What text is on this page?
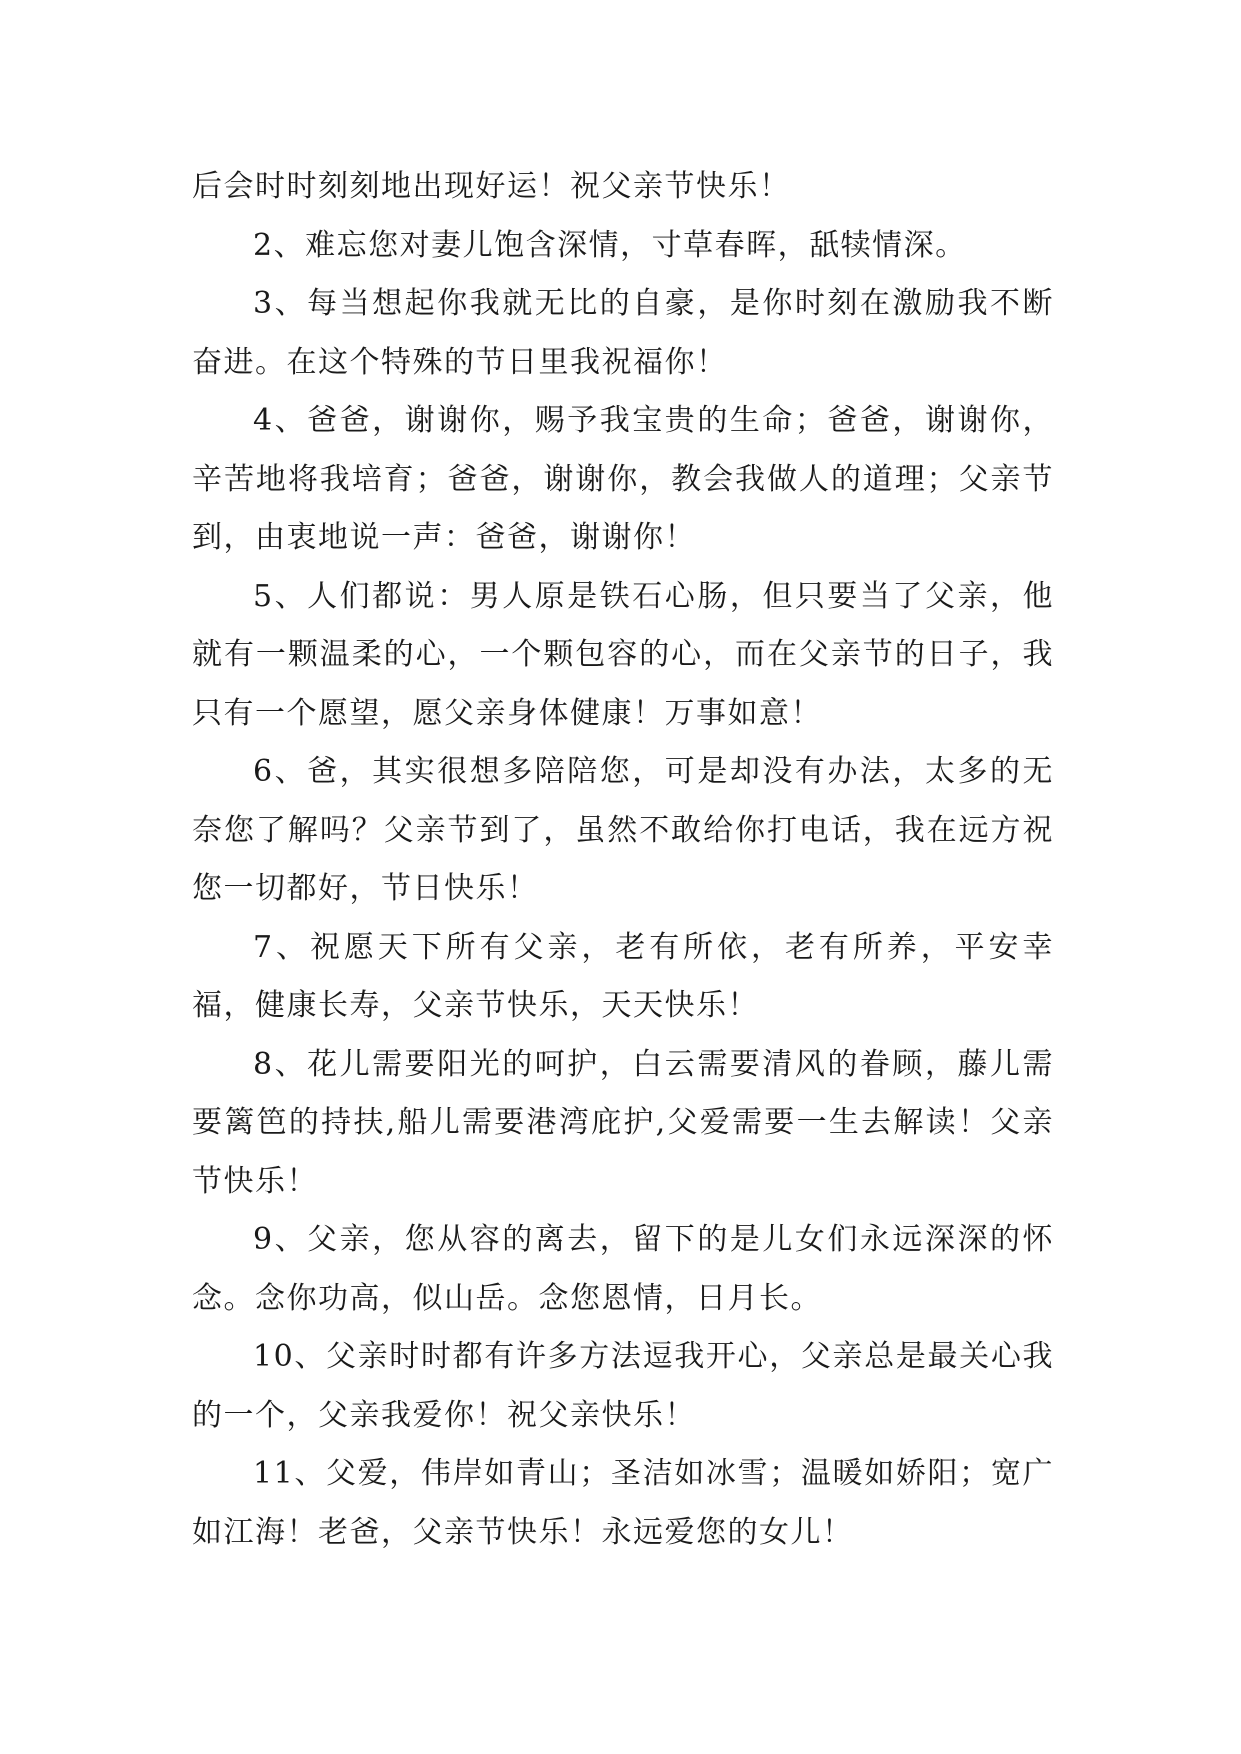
后会时时刻刻地出现好运！祝父亲节快乐！

2、难忘您对妻儿饱含深情，寸草春晖，舐犊情深。

3、每当想起你我就无比的自豪，是你时刻在激励我不断奋进。在这个特殊的节日里我祝福你！

4、爸爸，谢谢你，赐予我宝贵的生命；爸爸，谢谢你，辛苦地将我培育；爸爸，谢谢你，教会我做人的道理；父亲节到，由衷地说一声：爸爸，谢谢你！

5、人们都说：男人原是铁石心肠，但只要当了父亲，他就有一颗温柔的心，一个颗包容的心，而在父亲节的日子，我只有一个愿望，愿父亲身体健康！万事如意！

6、爸，其实很想多陪陪您，可是却没有办法，太多的无奈您了解吗？父亲节到了，虽然不敢给你打电话，我在远方祝您一切都好，节日快乐！

7、祝愿天下所有父亲，老有所依，老有所养，平安幸福，健康长寿，父亲节快乐，天天快乐！

8、花儿需要阳光的呵护，白云需要清风的眷顾，藤儿需要篱笆的持扶,船儿需要港湾庇护,父爱需要一生去解读！父亲节快乐！

9、父亲，您从容的离去，留下的是儿女们永远深深的怀念。念你功高，似山岳。念您恩情，日月长。

10、父亲时时都有许多方法逗我开心，父亲总是最关心我的一个，父亲我爱你！祝父亲快乐！

11、父爱，伟岸如青山；圣洁如冰雪；温暖如娇阳；宽广如江海！老爸，父亲节快乐！永远爱您的女儿！
